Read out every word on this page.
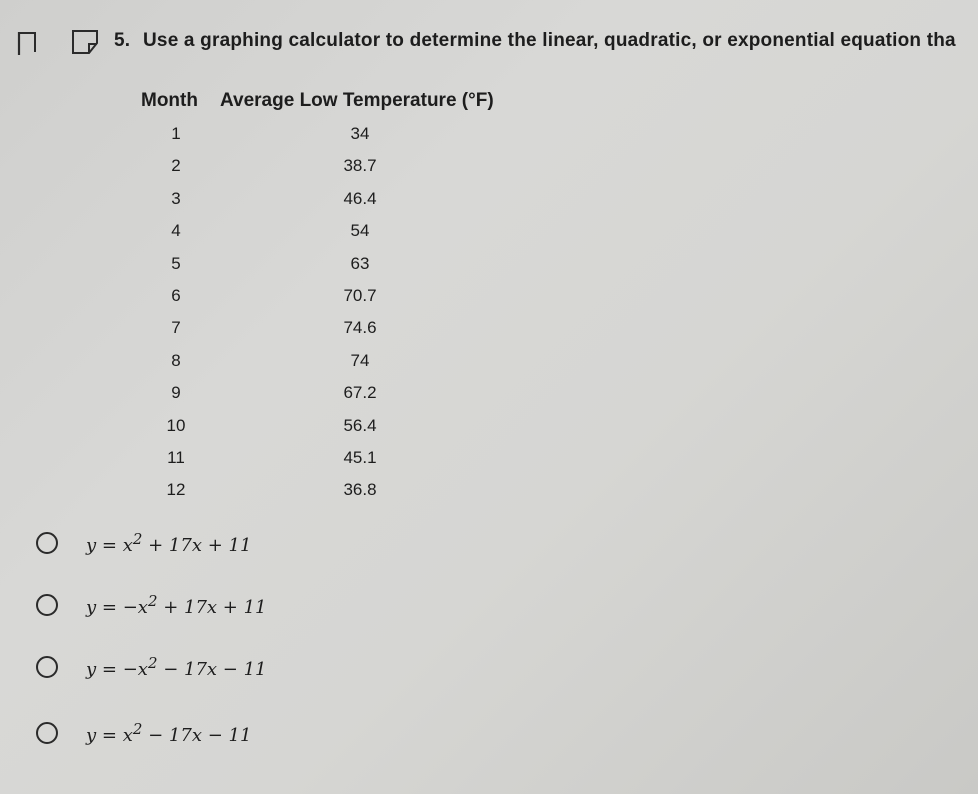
5. Use a graphing calculator to determine the linear, quadratic, or exponential equation tha
Month Average Low Temperature (°F)
1	34
2	38.7
3	46.4
4	54
5	63
6	70.7
7	74.6
8	74
9	67.2
10	56.4
11	45.1
12	36.8
$y = x^2 + 17x + 11$
$y = -x^2 + 17x + 11$
$y = -x^2 - 17x - 11$
$y = x^2 - 17x - 11$
